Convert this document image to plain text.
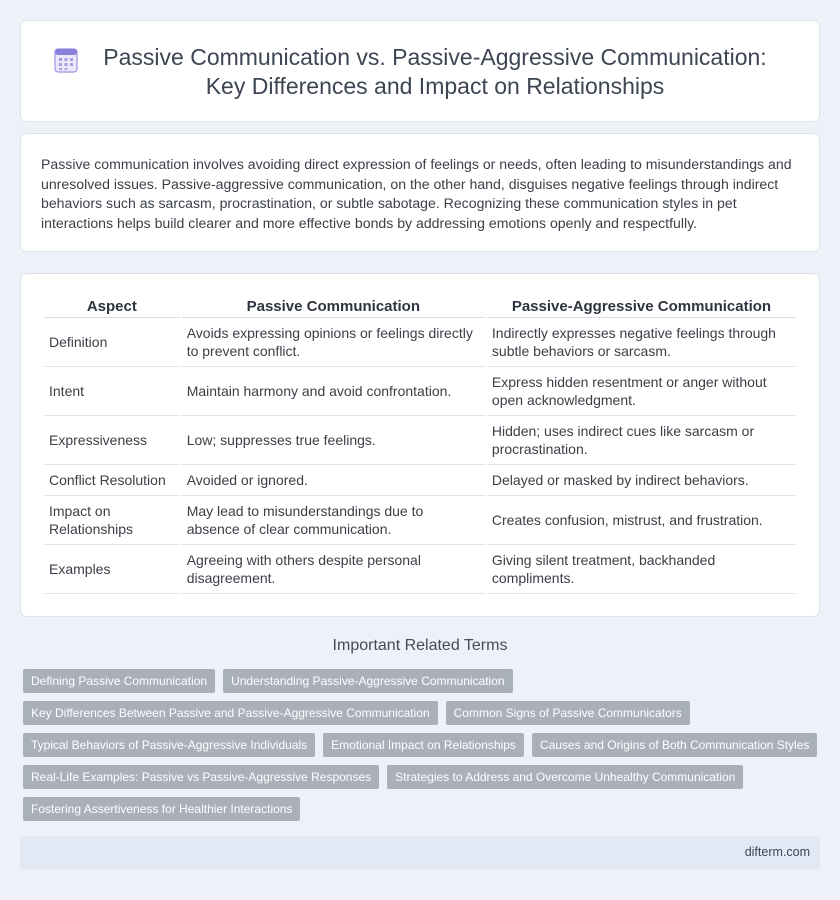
Passive Communication vs. Passive-Aggressive Communication:
Key Differences and Impact on Relationships

Passive communication involves avoiding direct expression of feelings or needs, often leading to misunderstandings and unresolved issues. Passive-aggressive communication, on the other hand, disguises negative feelings through indirect behaviors such as sarcasm, procrastination, or subtle sabotage. Recognizing these communication styles in pet interactions helps build clearer and more effective bonds by addressing emotions openly and respectfully.

Aspect	Passive Communication	Passive-Aggressive Communication
Definition	Avoids expressing opinions or feelings directly to prevent conflict.	Indirectly expresses negative feelings through subtle behaviors or sarcasm.
Intent	Maintain harmony and avoid confrontation.	Express hidden resentment or anger without open acknowledgment.
Expressiveness	Low; suppresses true feelings.	Hidden; uses indirect cues like sarcasm or procrastination.
Conflict Resolution	Avoided or ignored.	Delayed or masked by indirect behaviors.
Impact on Relationships	May lead to misunderstandings due to absence of clear communication.	Creates confusion, mistrust, and frustration.
Examples	Agreeing with others despite personal disagreement.	Giving silent treatment, backhanded compliments.
Important Related Terms
Defining Passive Communication	Understanding Passive-Aggressive Communication
Key Differences Between Passive and Passive-Aggressive Communication	Common Signs of Passive Communicators
Typical Behaviors of Passive-Aggressive Individuals	Emotional Impact on Relationships	Causes and Origins of Both Communication Styles
Real-Life Examples: Passive vs Passive-Aggressive Responses	Strategies to Address and Overcome Unhealthy Communication
Fostering Assertiveness for Healthier Interactions
difterm.com
